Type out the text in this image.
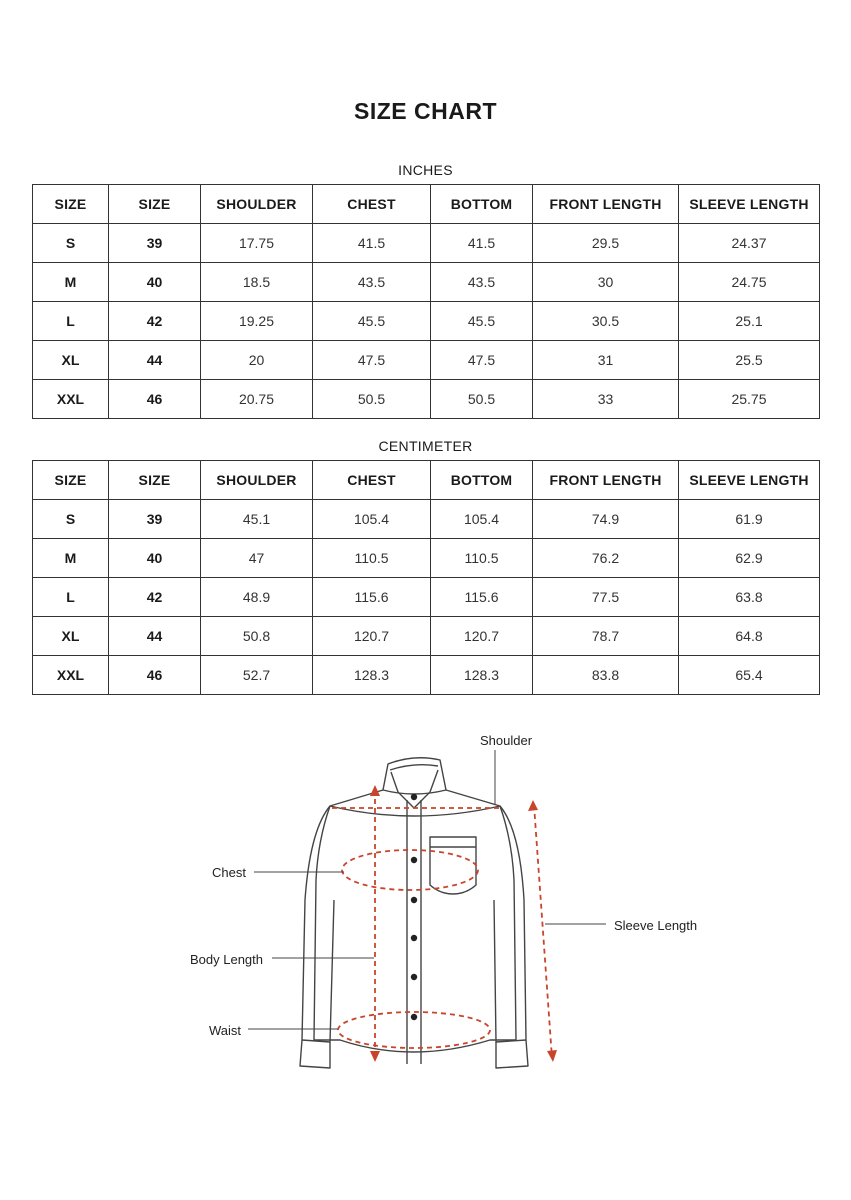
SIZE CHART
INCHES
SIZE	SIZE	SHOULDER	CHEST	BOTTOM	FRONT LENGTH	SLEEVE LENGTH
S	39	17.75	41.5	41.5	29.5	24.37
M	40	18.5	43.5	43.5	30	24.75
L	42	19.25	45.5	45.5	30.5	25.1
XL	44	20	47.5	47.5	31	25.5
XXL	46	20.75	50.5	50.5	33	25.75
CENTIMETER
SIZE	SIZE	SHOULDER	CHEST	BOTTOM	FRONT LENGTH	SLEEVE LENGTH
S	39	45.1	105.4	105.4	74.9	61.9
M	40	47	110.5	110.5	76.2	62.9
L	42	48.9	115.6	115.6	77.5	63.8
XL	44	50.8	120.7	120.7	78.7	64.8
XXL	46	52.7	128.3	128.3	83.8	65.4
Shoulder
Chest
Sleeve Length
Body Length
Waist
